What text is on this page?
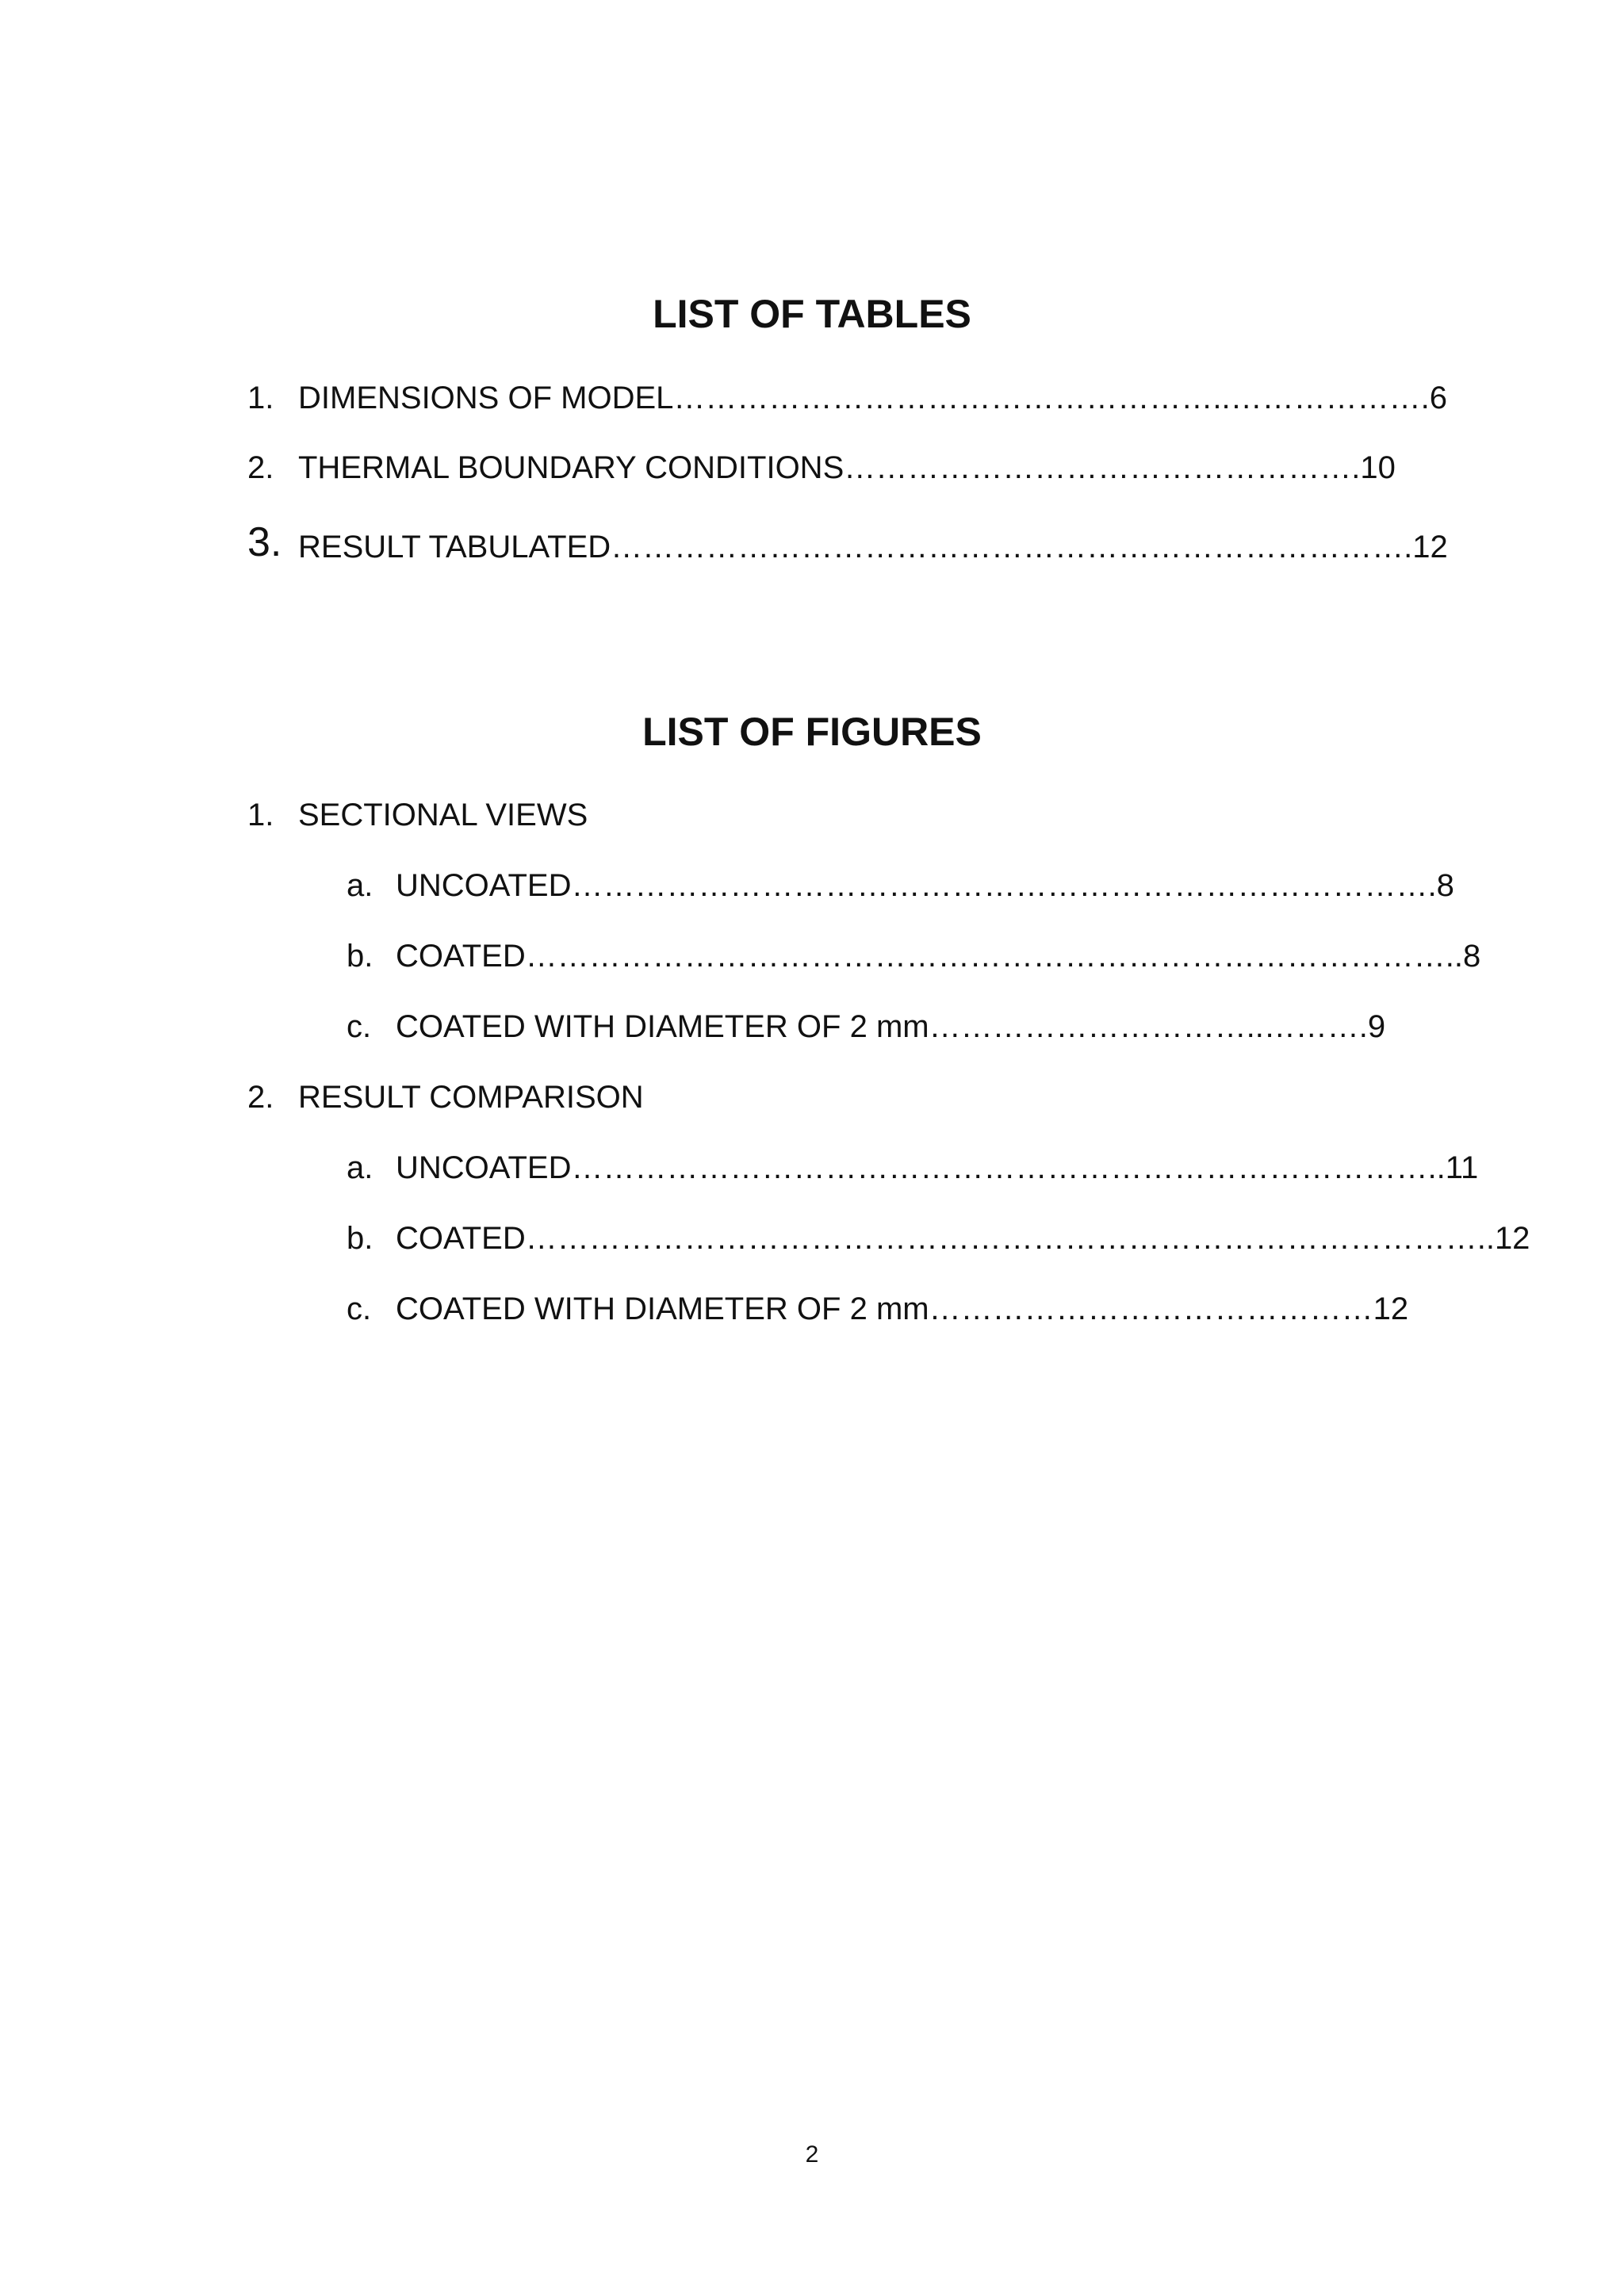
LIST OF TABLES
1. DIMENSIONS OF MODEL……………………………………………..……………….6
2. THERMAL BOUNDARY CONDITIONS………………………………………….10
3. RESULT TABULATED………………………………………………………………….12
LIST OF FIGURES
1. SECTIONAL VIEWS
a. UNCOATED……………………………………………………………………….8
b. COATED……………………………………………………………………………..8
c. COATED WITH DIAMETER OF 2 mm…………………………..……….9
2. RESULT COMPARISON
a. UNCOATED………………………………………………………………………..11
b. COATED………………………………………………………………………………..12
c. COATED WITH DIAMETER OF 2 mm……………………………………12
2
